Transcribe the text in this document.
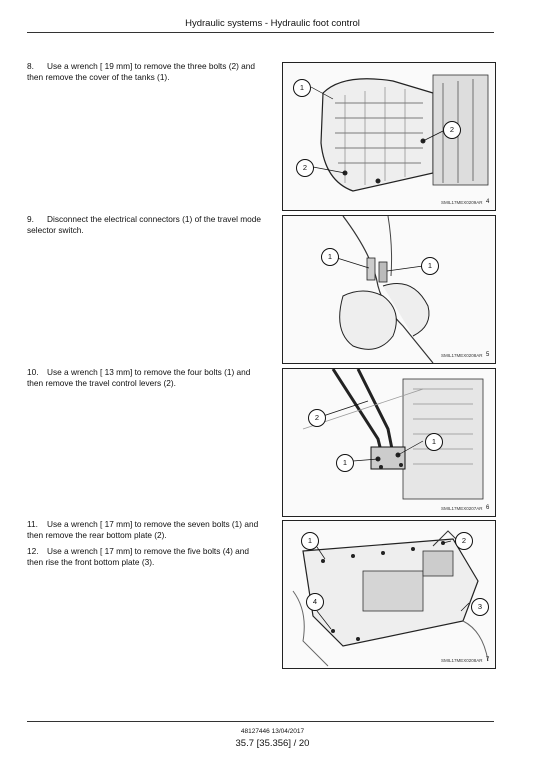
Hydraulic systems - Hydraulic foot control
8. Use a wrench [ 19 mm] to remove the three bolts (2) and then remove the cover of the tanks (1).
1
2
2
SMIL17MEX0209AR 4
9. Disconnect the electrical connectors (1) of the travel mode selector switch.
1
1
SMIL17MEX0208AR 5
10. Use a wrench [ 13 mm] to remove the four bolts (1) and then remove the travel control levers (2).
2
1
1
SMIL17MEX0207AR 6
11. Use a wrench [ 17 mm] to remove the seven bolts (1) and then remove the rear bottom plate (2).
12. Use a wrench [ 17 mm] to remove the five bolts (4) and then rise the front bottom plate (3).
1	2
4
3
SMIL17MEX0208AR 7
48127446 13/04/2017
35.7 [35.356] / 20
